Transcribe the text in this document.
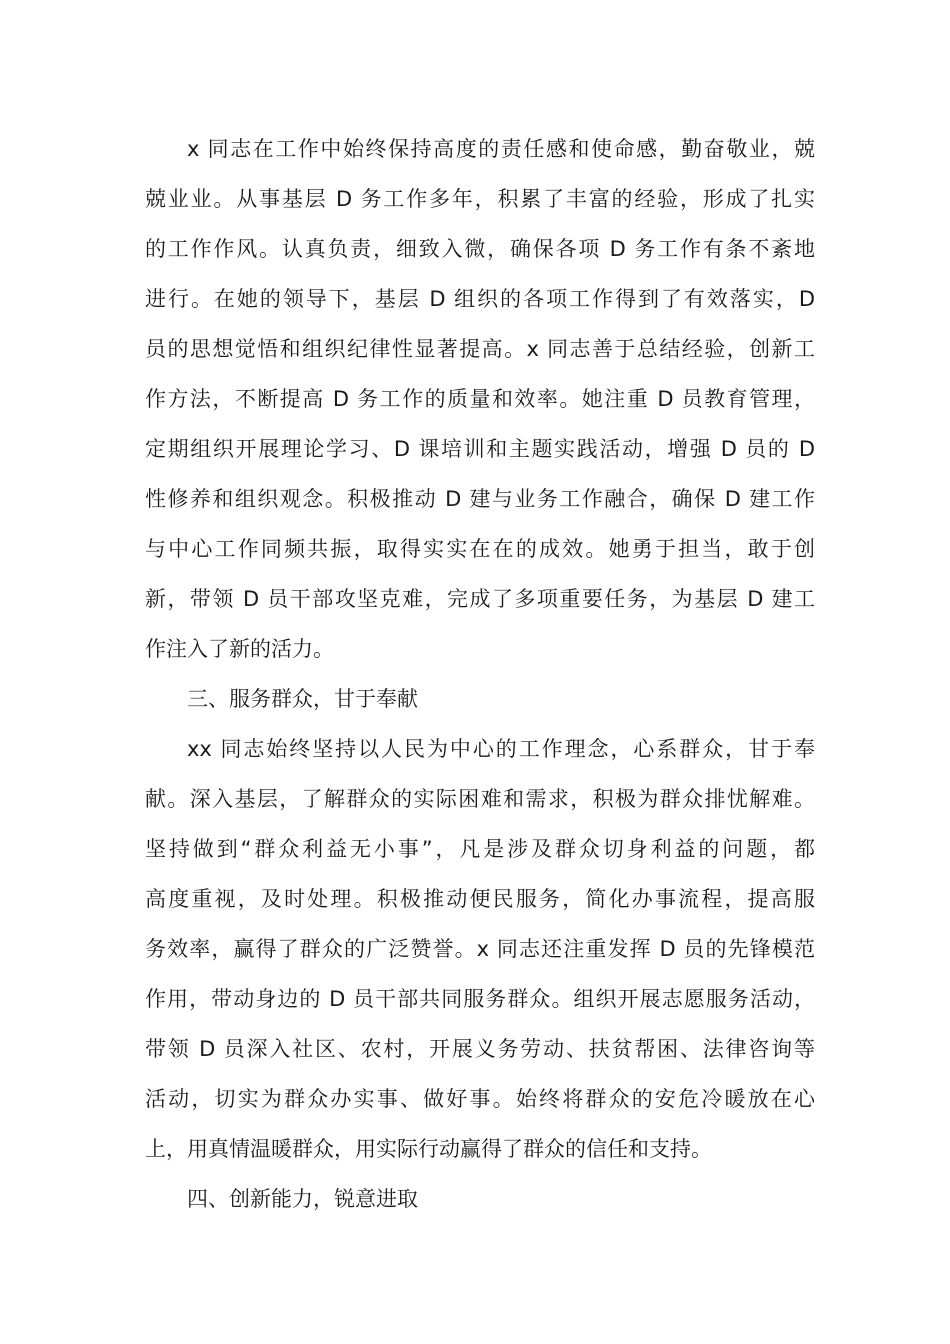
x 同志在工作中始终保持高度的责任感和使命感，勤奋敬业，兢
兢业业。从事基层 D 务工作多年，积累了丰富的经验，形成了扎实
的工作作风。认真负责，细致入微，确保各项 D 务工作有条不紊地
进行。在她的领导下，基层 D 组织的各项工作得到了有效落实，D
员的思想觉悟和组织纪律性显著提高。x 同志善于总结经验，创新工
作方法，不断提高 D 务工作的质量和效率。她注重 D 员教育管理，
定期组织开展理论学习、D 课培训和主题实践活动，增强 D 员的 D
性修养和组织观念。积极推动 D 建与业务工作融合，确保 D 建工作
与中心工作同频共振，取得实实在在的成效。她勇于担当，敢于创
新，带领 D 员干部攻坚克难，完成了多项重要任务，为基层 D 建工
作注入了新的活力。
三、服务群众，甘于奉献
xx 同志始终坚持以人民为中心的工作理念，心系群众，甘于奉
献。深入基层，了解群众的实际困难和需求，积极为群众排忧解难。
坚持做到“群众利益无小事”，凡是涉及群众切身利益的问题，都
高度重视，及时处理。积极推动便民服务，简化办事流程，提高服
务效率，赢得了群众的广泛赞誉。x 同志还注重发挥 D 员的先锋模范
作用，带动身边的 D 员干部共同服务群众。组织开展志愿服务活动，
带领 D 员深入社区、农村，开展义务劳动、扶贫帮困、法律咨询等
活动，切实为群众办实事、做好事。始终将群众的安危冷暖放在心
上，用真情温暖群众，用实际行动赢得了群众的信任和支持。
四、创新能力，锐意进取
